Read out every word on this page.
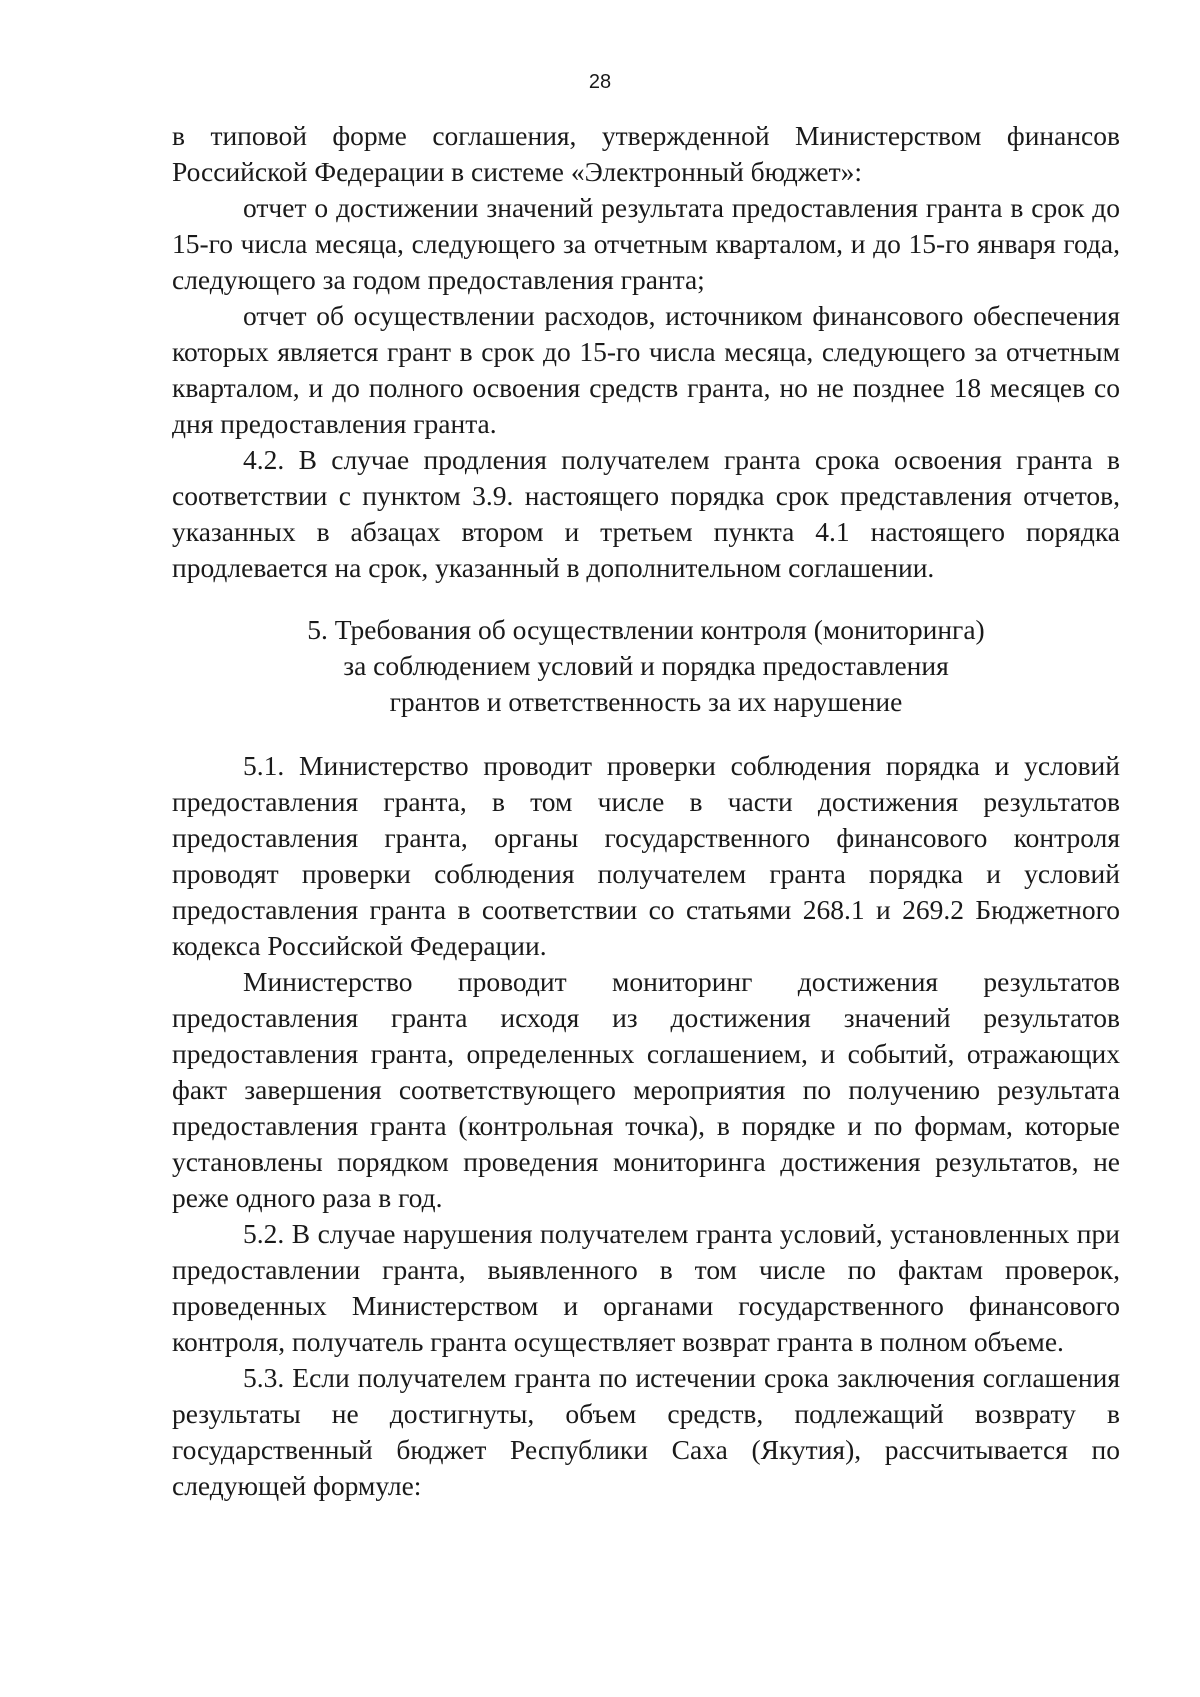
28

в типовой форме соглашения, утвержденной Министерством финансов Российской Федерации в системе «Электронный бюджет»:

отчет о достижении значений результата предоставления гранта в срок до 15-го числа месяца, следующего за отчетным кварталом, и до 15-го января года, следующего за годом предоставления гранта;

отчет об осуществлении расходов, источником финансового обеспечения которых является грант в срок до 15-го числа месяца, следующего за отчетным кварталом, и до полного освоения средств гранта, но не позднее 18 месяцев со дня предоставления гранта.

4.2. В случае продления получателем гранта срока освоения гранта в соответствии с пунктом 3.9. настоящего порядка срок представления отчетов, указанных в абзацах втором и третьем пункта 4.1 настоящего порядка продлевается на срок, указанный в дополнительном соглашении.

5. Требования об осуществлении контроля (мониторинга)
за соблюдением условий и порядка предоставления
грантов и ответственность за их нарушение

5.1. Министерство проводит проверки соблюдения порядка и условий предоставления гранта, в том числе в части достижения результатов предоставления гранта, органы государственного финансового контроля проводят проверки соблюдения получателем гранта порядка и условий предоставления гранта в соответствии со статьями 268.1 и 269.2 Бюджетного кодекса Российской Федерации.

Министерство проводит мониторинг достижения результатов предоставления гранта исходя из достижения значений результатов предоставления гранта, определенных соглашением, и событий, отражающих факт завершения соответствующего мероприятия по получению результата предоставления гранта (контрольная точка), в порядке и по формам, которые установлены порядком проведения мониторинга достижения результатов, не реже одного раза в год.

5.2. В случае нарушения получателем гранта условий, установленных при предоставлении гранта, выявленного в том числе по фактам проверок, проведенных Министерством и органами государственного финансового контроля, получатель гранта осуществляет возврат гранта в полном объеме.

5.3. Если получателем гранта по истечении срока заключения соглашения результаты не достигнуты, объем средств, подлежащий возврату в государственный бюджет Республики Саха (Якутия), рассчитывается по следующей формуле:
